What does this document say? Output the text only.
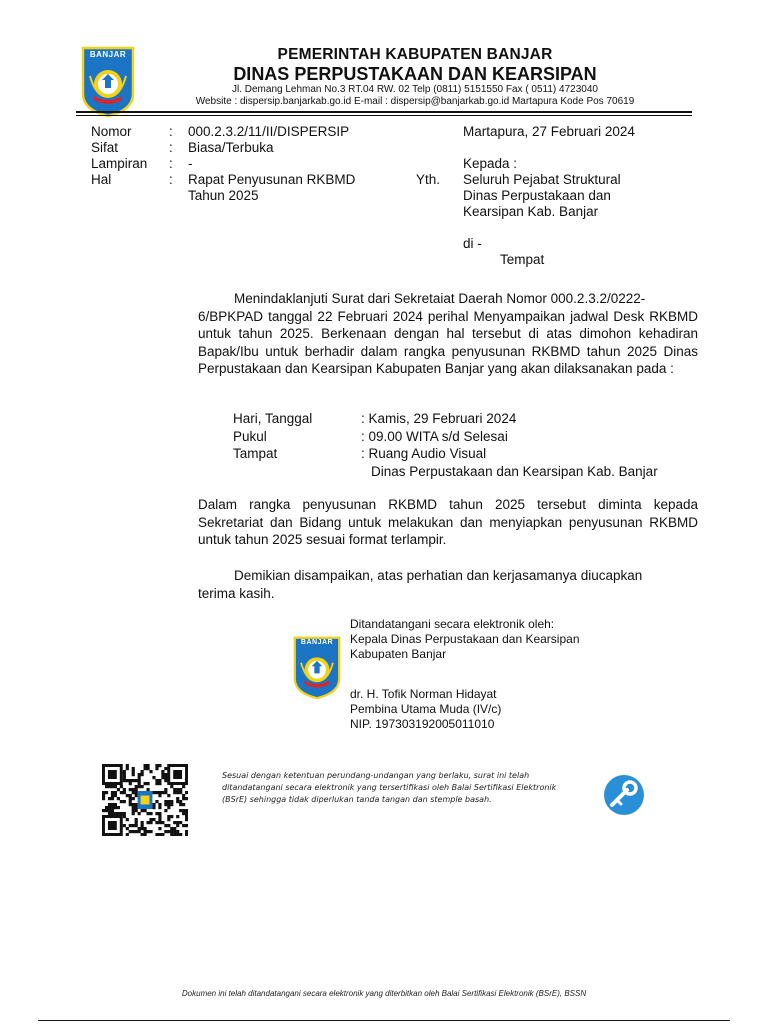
BANJAR	PEMERINTAH KABUPATEN BANJAR
DINAS PERPUSTAKAAN DAN KEARSIPAN
Jl. Demang Lehman No.3 RT.04 RW. 02 Telp (0811) 5151550 Fax ( 0511) 4723040
Website : dispersip.banjarkab.go.id E-mail : dispersip@banjarkab.go.id Martapura Kode Pos 70619
Nomor
Sifat
Lampiran
Hal
:
:
:
:
000.2.3.2/11/II/DISPERSIP
Biasa/Terbuka
-
Rapat Penyusunan RKBMD
Tahun 2025
Yth.
Martapura, 27 Februari 2024
Kepada :
Seluruh Pejabat Struktural
Dinas Perpustakaan dan
Kearsipan Kab. Banjar
di -
Tempat
Menindaklanjuti Surat dari Sekretaiat Daerah Nomor 000.2.3.2/0222-
6/BPKPAD tanggal 22 Februari 2024 perihal Menyampaikan jadwal Desk RKBMD untuk tahun 2025. Berkenaan dengan hal tersebut di atas dimohon kehadiran Bapak/Ibu untuk berhadir dalam rangka penyusunan RKBMD tahun 2025 Dinas Perpustakaan dan Kearsipan Kabupaten Banjar yang akan dilaksanakan pada :
Hari, Tanggal
Pukul
Tampat
: Kamis, 29 Februari 2024
: 09.00 WITA s/d Selesai
: Ruang Audio Visual
Dinas Perpustakaan dan Kearsipan Kab. Banjar
Dalam rangka penyusunan RKBMD tahun 2025 tersebut diminta kepada Sekretariat dan Bidang untuk melakukan dan menyiapkan penyusunan RKBMD untuk tahun 2025 sesuai format terlampir.
Demikian disampaikan, atas perhatian dan kerjasamanya diucapkan
terima kasih.
BANJAR
Ditandatangani secara elektronik oleh:
Kepala Dinas Perpustakaan dan Kearsipan
Kabupaten Banjar
dr. H. Tofik Norman Hidayat
Pembina Utama Muda (IV/c)
NIP. 197303192005011010
Sesuai dengan ketentuan perundang-undangan yang berlaku, surat ini telah ditandatangani secara elektronik yang tersertifikasi oleh Balai Sertifikasi Elektronik (BSrE) sehingga tidak diperlukan tanda tangan dan stemple basah.
Dokumen ini telah ditandatangani secara elektronik yang diterbitkan oleh Balai Sertifikasi Elektronik (BSrE), BSSN
